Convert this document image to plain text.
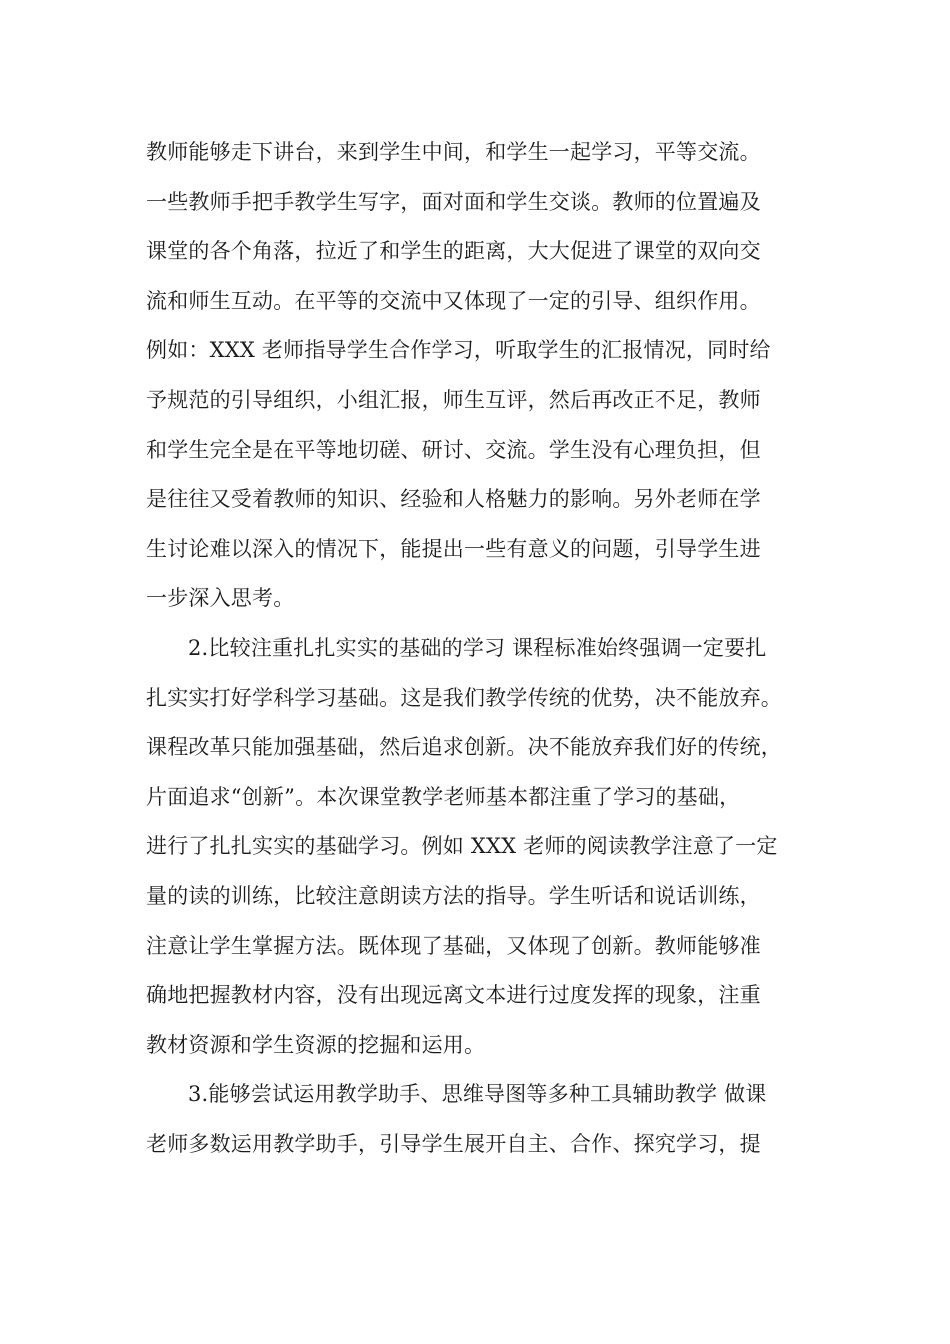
教师能够走下讲台，来到学生中间，和学生一起学习，平等交流。
一些教师手把手教学生写字，面对面和学生交谈。教师的位置遍及
课堂的各个角落，拉近了和学生的距离，大大促进了课堂的双向交
流和师生互动。在平等的交流中又体现了一定的引导、组织作用。
例如：XXX 老师指导学生合作学习，听取学生的汇报情况，同时给
予规范的引导组织，小组汇报，师生互评，然后再改正不足，教师
和学生完全是在平等地切磋、研讨、交流。学生没有心理负担，但
是往往又受着教师的知识、经验和人格魅力的影响。另外老师在学
生讨论难以深入的情况下，能提出一些有意义的问题，引导学生进
一步深入思考。
2.比较注重扎扎实实的基础的学习 课程标准始终强调一定要扎
扎实实打好学科学习基础。这是我们教学传统的优势，决不能放弃。
课程改革只能加强基础，然后追求创新。决不能放弃我们好的传统，
片面追求“创新”。本次课堂教学老师基本都注重了学习的基础，
进行了扎扎实实的基础学习。例如 XXX 老师的阅读教学注意了一定
量的读的训练，比较注意朗读方法的指导。学生听话和说话训练，
注意让学生掌握方法。既体现了基础，又体现了创新。教师能够准
确地把握教材内容，没有出现远离文本进行过度发挥的现象，注重
教材资源和学生资源的挖掘和运用。
3.能够尝试运用教学助手、思维导图等多种工具辅助教学 做课
老师多数运用教学助手，引导学生展开自主、合作、探究学习，提
